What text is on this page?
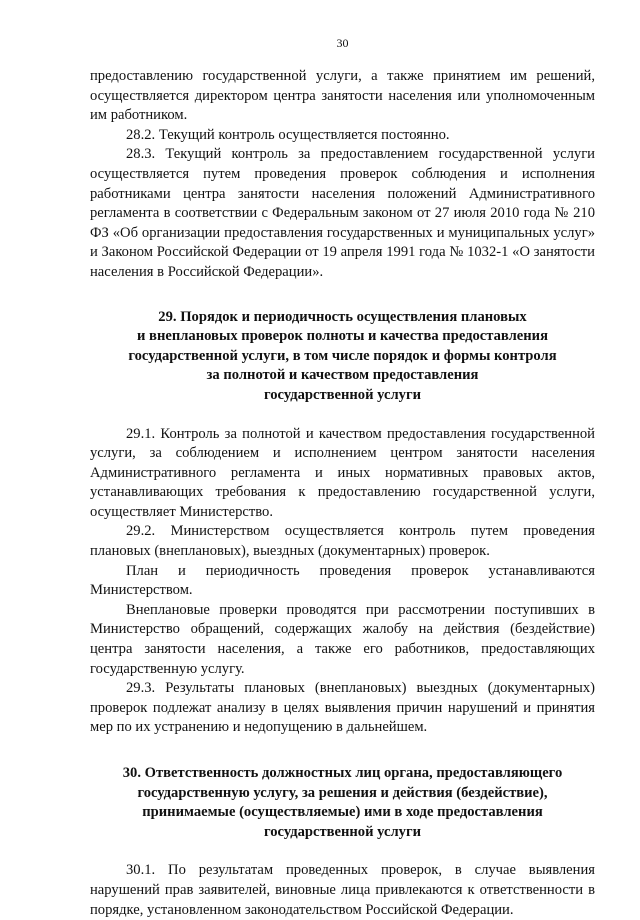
30

предоставлению государственной услуги, а также принятием им решений, осуществляется директором центра занятости населения или уполномоченным им работником.

28.2. Текущий контроль осуществляется постоянно.

28.3. Текущий контроль за предоставлением государственной услуги осуществляется путем проведения проверок соблюдения и исполнения работниками центра занятости населения положений Административного регламента в соответствии с Федеральным законом от 27 июля 2010 года № 210 ФЗ «Об организации предоставления государственных и муниципальных услуг» и Законом Российской Федерации от 19 апреля 1991 года № 1032-1 «О занятости населения в Российской Федерации».

29. Порядок и периодичность осуществления плановых
и внеплановых проверок полноты и качества предоставления
государственной услуги, в том числе порядок и формы контроля
за полнотой и качеством предоставления
государственной услуги

29.1. Контроль за полнотой и качеством предоставления государственной услуги, за соблюдением и исполнением центром занятости населения Административного регламента и иных нормативных правовых актов, устанавливающих требования к предоставлению государственной услуги, осуществляет Министерство.

29.2. Министерством осуществляется контроль путем проведения плановых (внеплановых), выездных (документарных) проверок.

План и периодичность проведения проверок устанавливаются Министерством.

Внеплановые проверки проводятся при рассмотрении поступивших в Министерство обращений, содержащих жалобу на действия (бездействие) центра занятости населения, а также его работников, предоставляющих государственную услугу.

29.3. Результаты плановых (внеплановых) выездных (документарных) проверок подлежат анализу в целях выявления причин нарушений и принятия мер по их устранению и недопущению в дальнейшем.

30. Ответственность должностных лиц органа, предоставляющего
государственную услугу, за решения и действия (бездействие),
принимаемые (осуществляемые) ими в ходе предоставления
государственной услуги

30.1. По результатам проведенных проверок, в случае выявления нарушений прав заявителей, виновные лица привлекаются к ответственности в порядке, установленном законодательством Российской Федерации.
